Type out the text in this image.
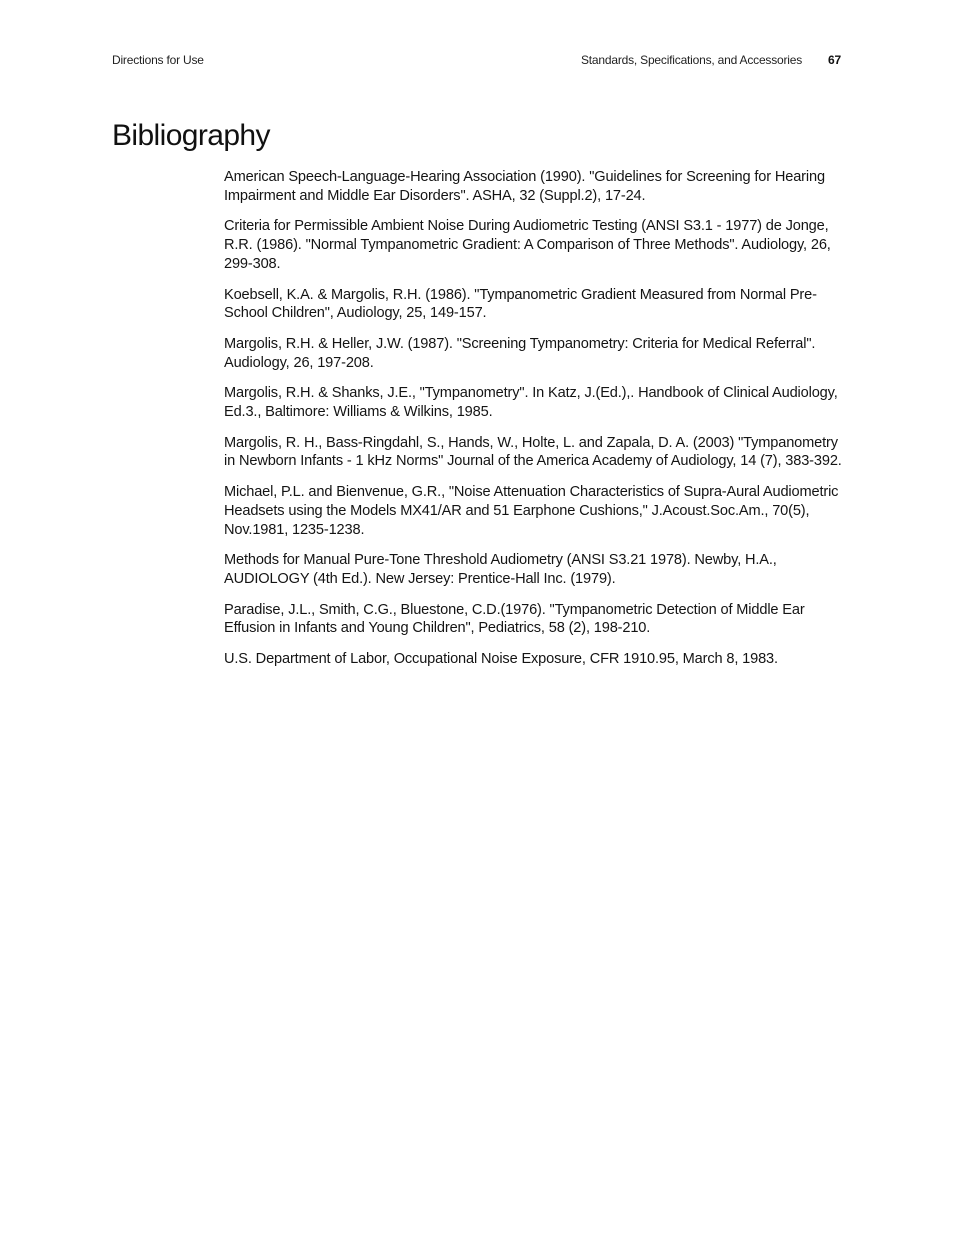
Directions for Use	Standards, Specifications, and Accessories 67
Bibliography
American Speech-Language-Hearing Association (1990). "Guidelines for Screening for Hearing Impairment and Middle Ear Disorders". ASHA, 32 (Suppl.2), 17-24.
Criteria for Permissible Ambient Noise During Audiometric Testing (ANSI S3.1 - 1977) de Jonge, R.R. (1986). "Normal Tympanometric Gradient: A Comparison of Three Methods". Audiology, 26, 299-308.
Koebsell, K.A. & Margolis, R.H. (1986). "Tympanometric Gradient Measured from Normal Pre-School Children", Audiology, 25, 149-157.
Margolis, R.H. & Heller, J.W. (1987). "Screening Tympanometry: Criteria for Medical Referral". Audiology, 26, 197-208.
Margolis, R.H. & Shanks, J.E., "Tympanometry". In Katz, J.(Ed.),. Handbook of Clinical Audiology, Ed.3., Baltimore: Williams & Wilkins, 1985.
Margolis, R. H., Bass-Ringdahl, S., Hands, W., Holte, L. and Zapala, D. A. (2003) "Tympanometry in Newborn Infants - 1 kHz Norms" Journal of the America Academy of Audiology, 14 (7), 383-392.
Michael, P.L. and Bienvenue, G.R., "Noise Attenuation Characteristics of Supra-Aural Audiometric Headsets using the Models MX41/AR and 51 Earphone Cushions," J.Acoust.Soc.Am., 70(5), Nov.1981, 1235-1238.
Methods for Manual Pure-Tone Threshold Audiometry (ANSI S3.21 1978). Newby, H.A., AUDIOLOGY (4th Ed.). New Jersey: Prentice-Hall Inc. (1979).
Paradise, J.L., Smith, C.G., Bluestone, C.D.(1976). "Tympanometric Detection of Middle Ear Effusion in Infants and Young Children", Pediatrics, 58 (2), 198-210.
U.S. Department of Labor, Occupational Noise Exposure, CFR 1910.95, March 8, 1983.
